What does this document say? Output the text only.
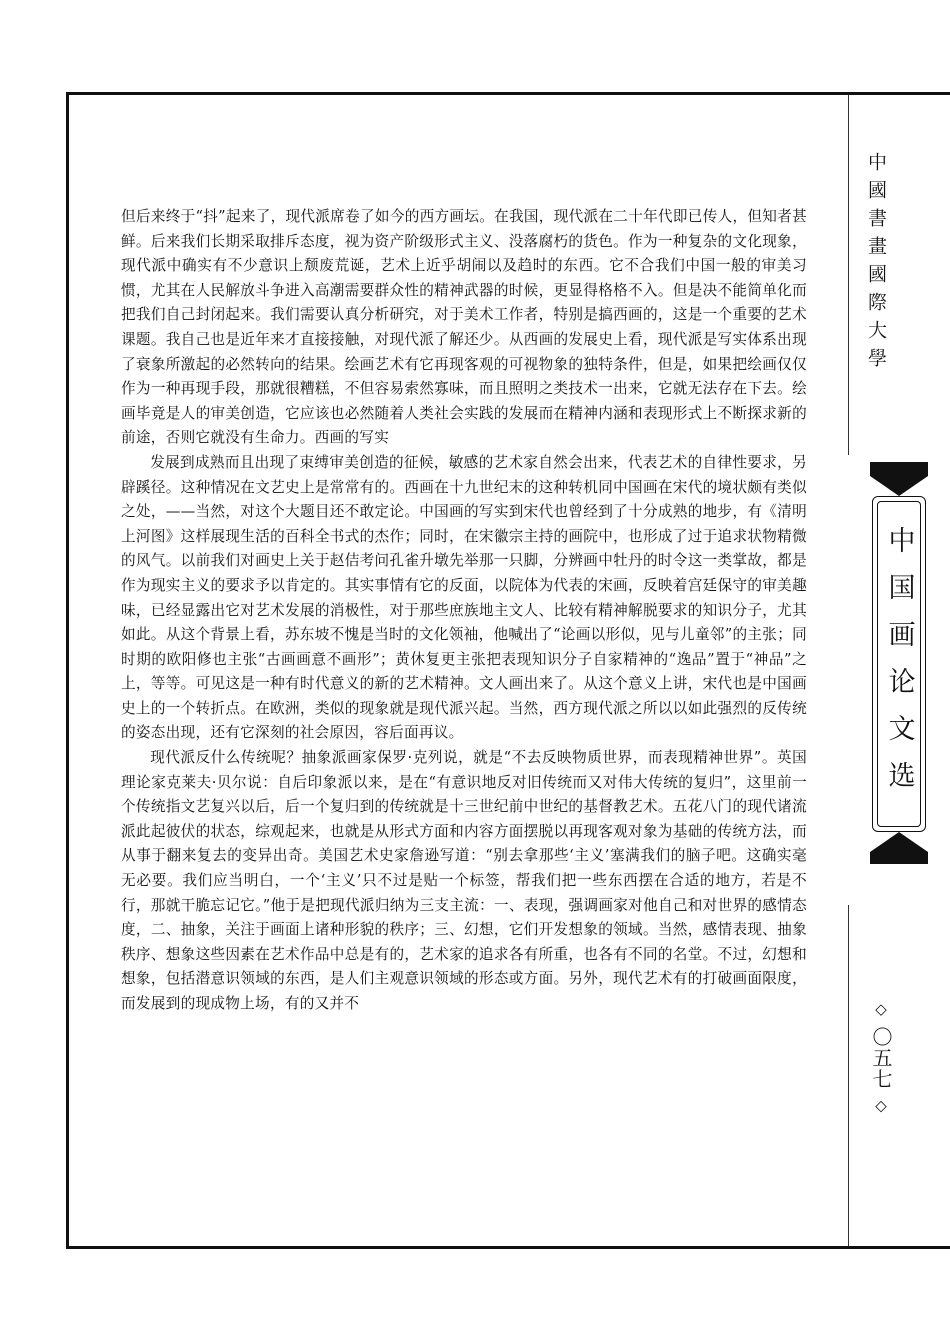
但后来终于“抖”起来了，现代派席卷了如今的西方画坛。在我国，现代派在二十年代即已传人，但知者甚鲜。后来我们长期采取排斥态度，视为资产阶级形式主义、没落腐朽的货色。作为一种复杂的文化现象，现代派中确实有不少意识上颓废荒诞，艺术上近乎胡闹以及趋时的东西。它不合我们中国一般的审美习惯，尤其在人民解放斗争进入高潮需要群众性的精神武器的时候，更显得格格不入。但是决不能简单化而把我们自己封闭起来。我们需要认真分析研究，对于美术工作者，特别是搞西画的，这是一个重要的艺术课题。我自己也是近年来才直接接触，对现代派了解还少。从西画的发展史上看，现代派是写实体系出现了衰象所激起的必然转向的结果。绘画艺术有它再现客观的可视物象的独特条件，但是，如果把绘画仅仅作为一种再现手段，那就很糟糕，不但容易索然寡味，而且照明之类技术一出来，它就无法存在下去。绘画毕竟是人的审美创造，它应该也必然随着人类社会实践的发展而在精神内涵和表现形式上不断探求新的前途，否则它就没有生命力。西画的写实

发展到成熟而且出现了束缚审美创造的征候，敏感的艺术家自然会出来，代表艺术的自律性要求，另辟蹊径。这种情况在文艺史上是常常有的。西画在十九世纪末的这种转机同中国画在宋代的境状颇有类似之处，——当然，对这个大题目还不敢定论。中国画的写实到宋代也曾经到了十分成熟的地步，有《清明上河图》这样展现生活的百科全书式的杰作；同时，在宋徽宗主持的画院中，也形成了过于追求状物精微的风气。以前我们对画史上关于赵佶考问孔雀升墩先举那一只脚，分辨画中牡丹的时令这一类掌故，都是作为现实主义的要求予以肯定的。其实事情有它的反面，以院体为代表的宋画，反映着宫廷保守的审美趣味，已经显露出它对艺术发展的消极性，对于那些庶族地主文人、比较有精神解脱要求的知识分子，尤其如此。从这个背景上看，苏东坡不愧是当时的文化领袖，他喊出了“论画以形似，见与儿童邻”的主张；同时期的欧阳修也主张“古画画意不画形”；黄休复更主张把表现知识分子自家精神的“逸品”置于“神品”之上，等等。可见这是一种有时代意义的新的艺术精神。文人画出来了。从这个意义上讲，宋代也是中国画史上的一个转折点。在欧洲，类似的现象就是现代派兴起。当然，西方现代派之所以以如此强烈的反传统的姿态出现，还有它深刻的社会原因，容后面再议。

现代派反什么传统呢？抽象派画家保罗·克列说，就是“不去反映物质世界，而表现精神世界”。英国理论家克莱夫·贝尔说：自后印象派以来，是在“有意识地反对旧传统而又对伟大传统的复归”，这里前一个传统指文艺复兴以后，后一个复归到的传统就是十三世纪前中世纪的基督教艺术。五花八门的现代诸流派此起彼伏的状态，综观起来，也就是从形式方面和内容方面摆脱以再现客观对象为基础的传统方法，而从事于翻来复去的变异出奇。美国艺术史家詹逊写道：“别去拿那些‘主义’塞满我们的脑子吧。这确实毫无必要。我们应当明白，一个‘主义’只不过是贴一个标签，帮我们把一些东西摆在合适的地方，若是不行，那就干脆忘记它。”他于是把现代派归纳为三支主流：一、表现，强调画家对他自己和对世界的感情态度，二、抽象，关注于画面上诸种形貌的秩序；三、幻想，它们开发想象的领域。当然，感情表现、抽象秩序、想象这些因素在艺术作品中总是有的，艺术家的追求各有所重，也各有不同的名堂。不过，幻想和想象，包括潜意识领域的东西，是人们主观意识领域的形态或方面。另外，现代艺术有的打破画面限度，而发展到的现成物上场，有的又并不

中國書畫國際大學
中国画论文选
◇ 〇五七 ◇
